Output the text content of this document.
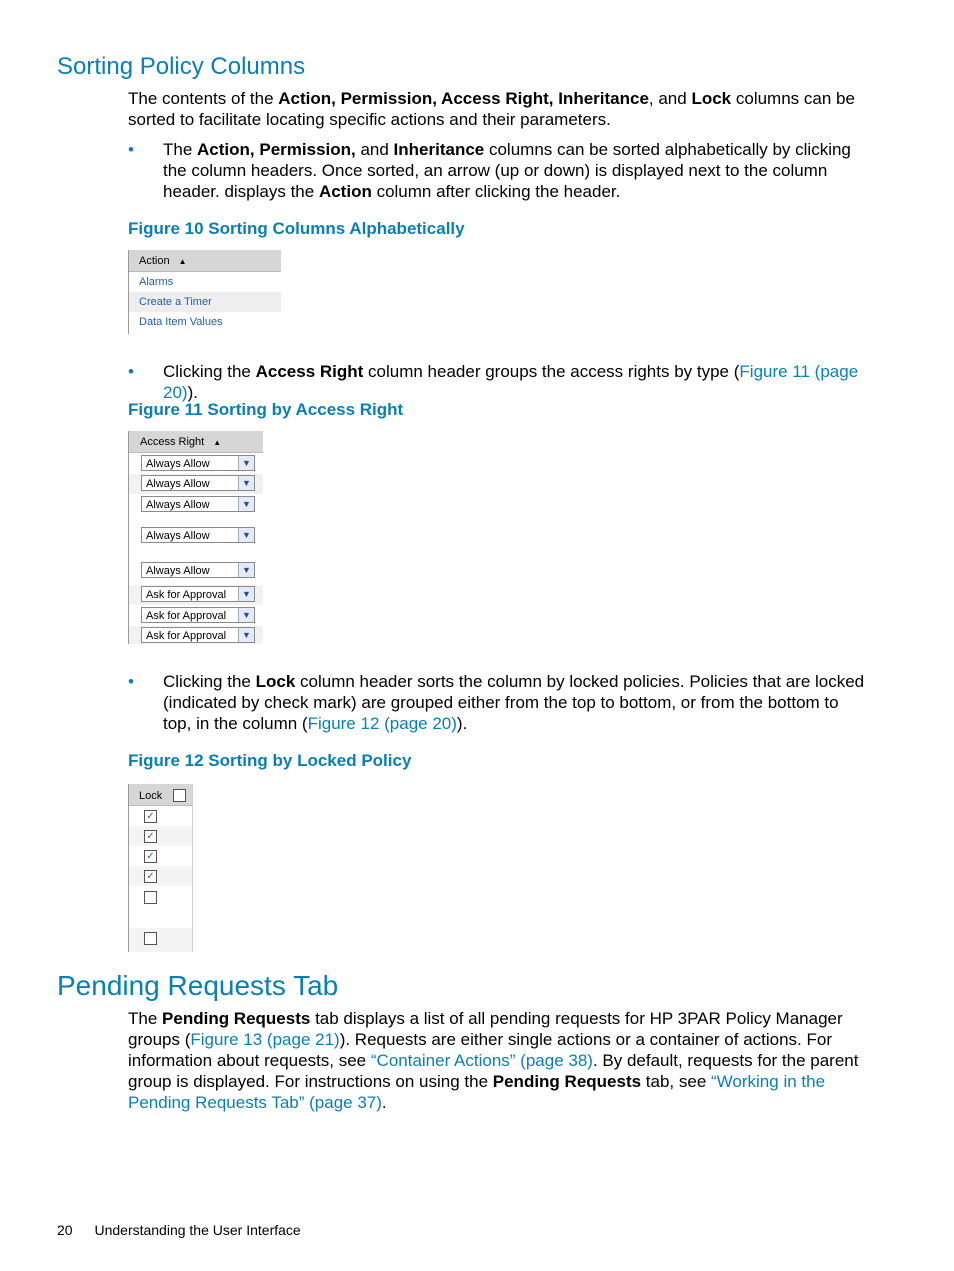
Sorting Policy Columns
The contents of the Action, Permission, Access Right, Inheritance, and Lock columns can be sorted to facilitate locating specific actions and their parameters.
• The Action, Permission, and Inheritance columns can be sorted alphabetically by clicking the column headers. Once sorted, an arrow (up or down) is displayed next to the column header. displays the Action column after clicking the header.
Figure 10 Sorting Columns Alphabetically
Action ▲
Alarms
Create a Timer
Data Item Values
• Clicking the Access Right column header groups the access rights by type (Figure 11 (page 20)).
Figure 11 Sorting by Access Right
Access Right ▲
Always Allow	▼
Always Allow	▼
Always Allow	▼
Always Allow	▼
Always Allow	▼
Ask for Approval	▼
Ask for Approval	▼
Ask for Approval	▼
• Clicking the Lock column header sorts the column by locked policies. Policies that are locked (indicated by check mark) are grouped either from the top to bottom, or from the bottom to top, in the column (Figure 12 (page 20)).
Figure 12 Sorting by Locked Policy
Lock
✓
✓
✓
✓
Pending Requests Tab
The Pending Requests tab displays a list of all pending requests for HP 3PAR Policy Manager groups (Figure 13 (page 21)). Requests are either single actions or a container of actions. For information about requests, see “Container Actions” (page 38). By default, requests for the parent group is displayed. For instructions on using the Pending Requests tab, see “Working in the Pending Requests Tab” (page 37).
20 Understanding the User Interface
